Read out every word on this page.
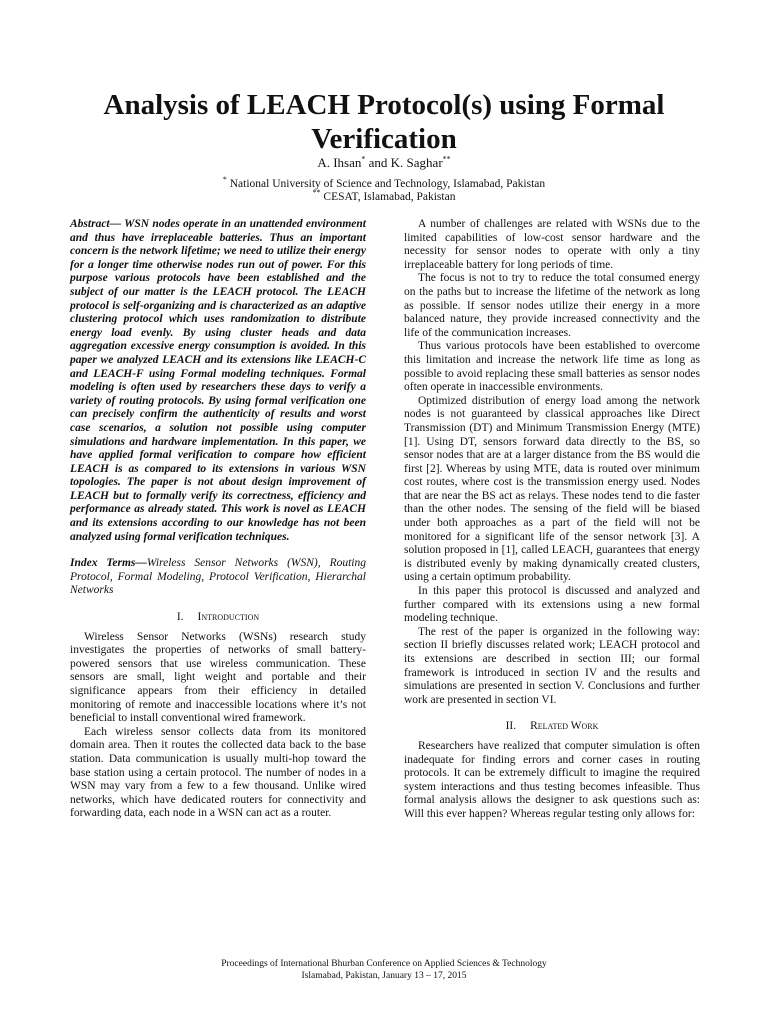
Analysis of LEACH Protocol(s) using Formal Verification
A. Ihsan* and K. Saghar**
* National University of Science and Technology, Islamabad, Pakistan
** CESAT, Islamabad, Pakistan

Abstract— WSN nodes operate in an unattended environment and thus have irreplaceable batteries. Thus an important concern is the network lifetime; we need to utilize their energy for a longer time otherwise nodes run out of power. For this purpose various protocols have been established and the subject of our matter is the LEACH protocol. The LEACH protocol is self-organizing and is characterized as an adaptive clustering protocol which uses randomization to distribute energy load evenly. By using cluster heads and data aggregation excessive energy consumption is avoided. In this paper we analyzed LEACH and its extensions like LEACH-C and LEACH-F using Formal modeling techniques. Formal modeling is often used by researchers these days to verify a variety of routing protocols. By using formal verification one can precisely confirm the authenticity of results and worst case scenarios, a solution not possible using computer simulations and hardware implementation. In this paper, we have applied formal verification to compare how efficient LEACH is as compared to its extensions in various WSN topologies. The paper is not about design improvement of LEACH but to formally verify its correctness, efficiency and performance as already stated. This work is novel as LEACH and its extensions according to our knowledge has not been analyzed using formal verification techniques.

Index Terms—Wireless Sensor Networks (WSN), Routing Protocol, Formal Modeling, Protocol Verification, Hierarchal Networks

I. Introduction

Wireless Sensor Networks (WSNs) research study investigates the properties of networks of small battery-powered sensors that use wireless communication. These sensors are small, light weight and portable and their significance appears from their efficiency in detailed monitoring of remote and inaccessible locations where it’s not beneficial to install conventional wired framework.

Each wireless sensor collects data from its monitored domain area. Then it routes the collected data back to the base station. Data communication is usually multi-hop toward the base station using a certain protocol. The number of nodes in a WSN may vary from a few to a few thousand. Unlike wired networks, which have dedicated routers for connectivity and forwarding data, each node in a WSN can act as a router.

A number of challenges are related with WSNs due to the limited capabilities of low-cost sensor hardware and the necessity for sensor nodes to operate with only a tiny irreplaceable battery for long periods of time.

The focus is not to try to reduce the total consumed energy on the paths but to increase the lifetime of the network as long as possible. If sensor nodes utilize their energy in a more balanced nature, they provide increased connectivity and the life of the communication increases.

Thus various protocols have been established to overcome this limitation and increase the network life time as long as possible to avoid replacing these small batteries as sensor nodes often operate in inaccessible environments.

Optimized distribution of energy load among the network nodes is not guaranteed by classical approaches like Direct Transmission (DT) and Minimum Transmission Energy (MTE) [1]. Using DT, sensors forward data directly to the BS, so sensor nodes that are at a larger distance from the BS would die first [2]. Whereas by using MTE, data is routed over minimum cost routes, where cost is the transmission energy used. Nodes that are near the BS act as relays. These nodes tend to die faster than the other nodes. The sensing of the field will be biased under both approaches as a part of the field will not be monitored for a significant life of the sensor network [3]. A solution proposed in [1], called LEACH, guarantees that energy is distributed evenly by making dynamically created clusters, using a certain optimum probability.

In this paper this protocol is discussed and analyzed and further compared with its extensions using a new formal modeling technique.

The rest of the paper is organized in the following way: section II briefly discusses related work; LEACH protocol and its extensions are described in section III; our formal framework is introduced in section IV and the results and simulations are presented in section V. Conclusions and further work are presented in section VI.

II. Related Work

Researchers have realized that computer simulation is often inadequate for finding errors and corner cases in routing protocols. It can be extremely difficult to imagine the required system interactions and thus testing becomes infeasible. Thus formal analysis allows the designer to ask questions such as: Will this ever happen? Whereas regular testing only allows for:

Proceedings of International Bhurban Conference on Applied Sciences & Technology
Islamabad, Pakistan, January 13 – 17, 2015
